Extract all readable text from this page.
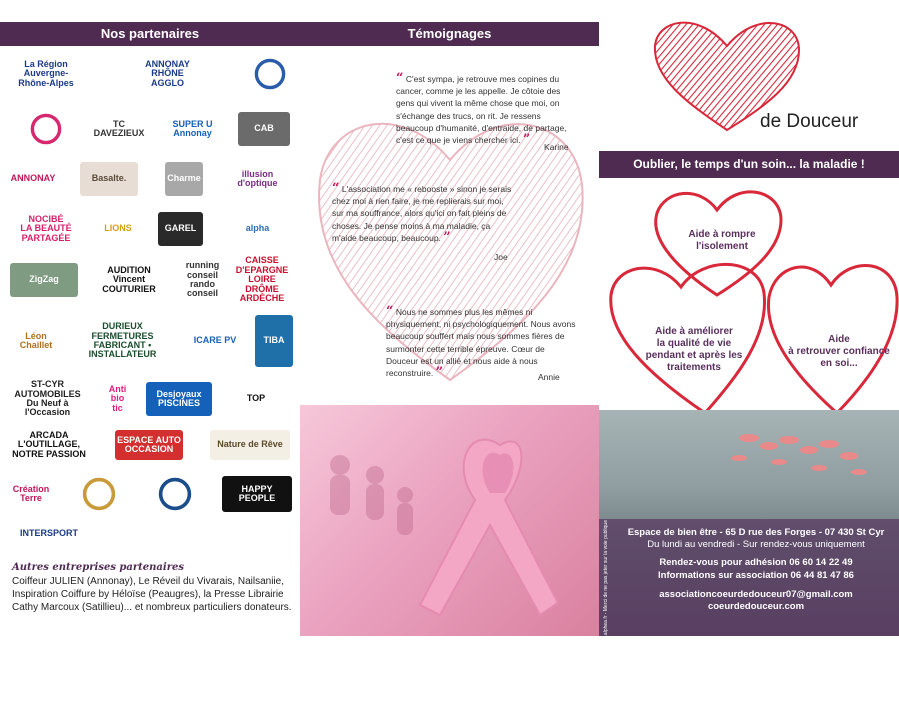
Nos partenaires
La Région
Auvergne-Rhône-Alpes
ANNONAY RHÔNE
AGGLO
TC
DAVEZIEUX
SUPER U
Annonay	CAB
ANNONAY	Basalte.	Charme	illusion
d'optique
NOCIBÉ
LA BEAUTÉ PARTAGÉE
LIONS	GAREL	alpha
ZigZag
AUDITION
Vincent COUTURIER
running conseil
rando conseil
CAISSE D'EPARGNE
LOIRE DRÔME ARDÈCHE
Léon Chaillet
DURIEUX FERMETURES
FABRICANT • INSTALLATEUR
ICARE PV	TIBA
ST-CYR AUTOMOBILES
Du Neuf à l'Occasion
Anti
bio
tic
Desjoyaux
PISCINES	TOP
ARCADA
L'OUTILLAGE, NOTRE PASSION
ESPACE AUTO
OCCASION	Nature de Rêve
Création Terre
HAPPY
PEOPLE
INTERSPORT
Autres entreprises partenaires
Coiffeur JULIEN (Annonay), Le Réveil du Vivarais, Nailsaniie, Inspiration Coiffure by Héloïse (Peaugres), la Presse Librairie Cathy Marcoux (Satillieu)... et nombreux particuliers donateurs.
Témoignages
“ C'est sympa, je retrouve mes copines du cancer, comme je les appelle. Je côtoie des gens qui vivent la même chose que moi, on s'échange des trucs, on rit. Je ressens beaucoup d'humanité, d'entraide, de partage, c'est ce que je viens chercher ici. ”	Karine
“ L'association me « reboostе » sinon je serais chez moi à rien faire, je me replierais sur moi, sur ma souffrance, alors qu'ici on fait pleins de choses. Je pense moins à ma maladie, ça m'aide beaucoup, beaucoup. ”
Joe
“ Nous ne sommes plus les mêmes ni physiquement, ni psychologiquement. Nous avons beaucoup souffert mais nous sommes fières de surmonter cette terrible épreuve. Cœur de Douceur est un allié et nous aide à nous reconstruire. ”	Annie
de Douceur
Oublier, le temps d'un soin... la maladie !
Aide à rompre
l'isolement
Aide à améliorer
la qualité de vie
pendant et après les
traitements
Aide
à retrouver confiance
en soi...
Conception & impression : www.alphea.fr - Merci de ne pas jeter sur la voie publique	Espace de bien être - 65 D rue des Forges - 07 430 St Cyr
Du lundi au vendredi - Sur rendez-vous uniquement
Rendez-vous pour adhésion 06 60 14 22 49
Informations sur association 06 44 81 47 86
associationcoeurdedouceur07@gmail.com
coeurdedouceur.com
